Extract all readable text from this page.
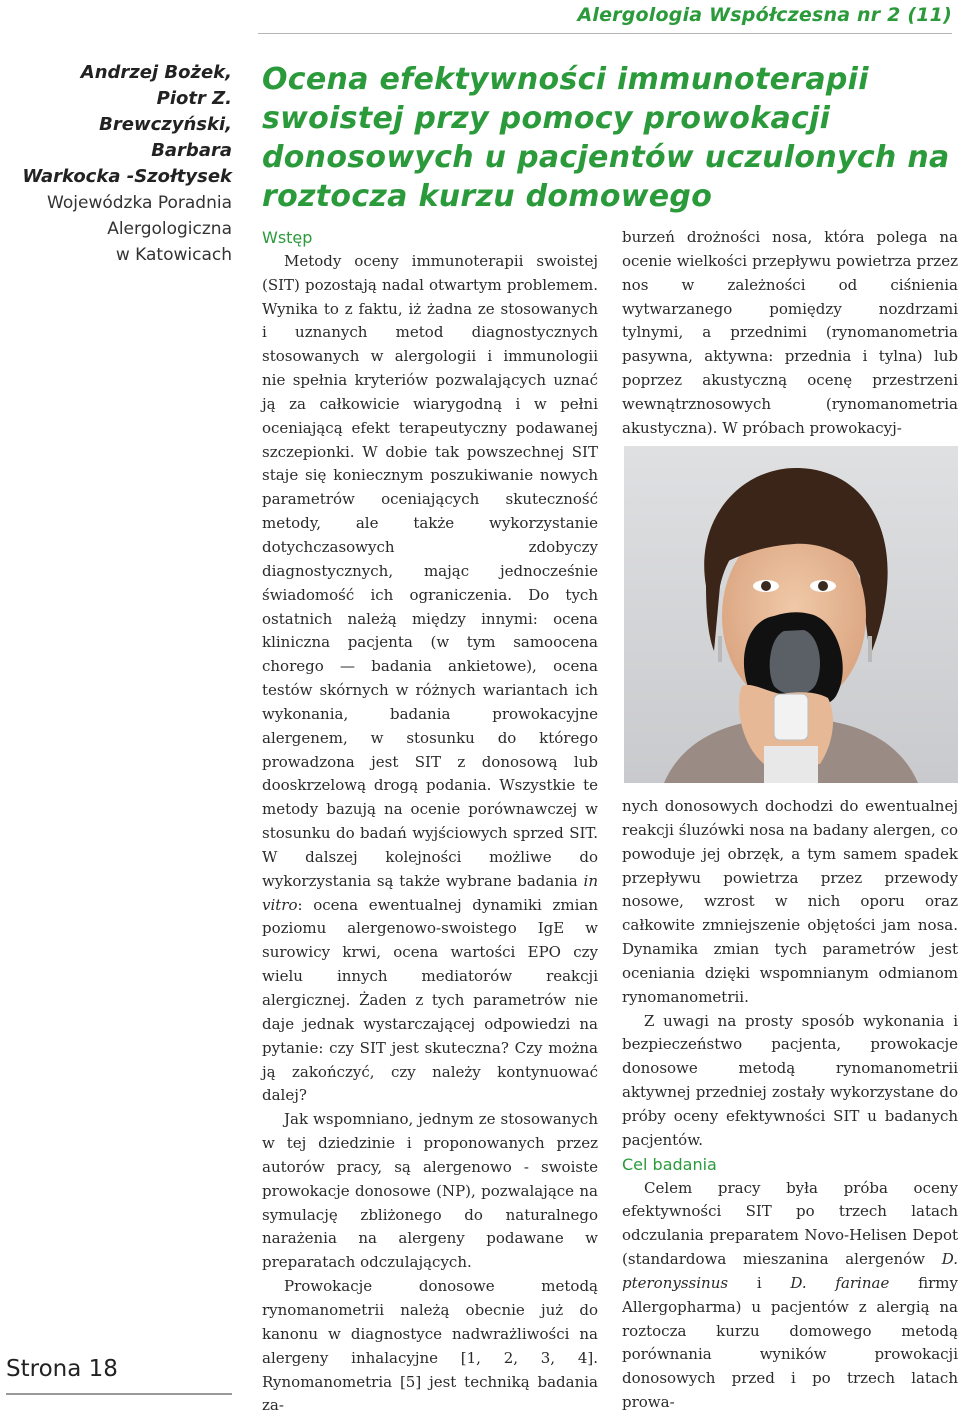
Alergologia Współczesna nr 2 (11)
Andrzej Bożek,
Piotr Z.
Brewczyński,
Barbara
Warkocka -Szołtysek
Wojewódzka Poradnia
Alergologiczna
w Katowicach
Strona 18
Ocena efektywności immunoterapii swoistej przy pomocy prowokacji donosowych u pacjentów uczulonych na roztocza kurzu domowego

Wstęp

Metody oceny immunoterapii swoistej (SIT) pozostają nadal otwartym problemem. Wynika to z faktu, iż żadna ze stosowanych i uznanych metod diagnostycznych stosowanych w alergologii i immunologii nie spełnia kryteriów pozwalających uznać ją za całkowicie wiarygodną i w pełni oceniającą efekt terapeutyczny podawanej szczepionki. W dobie tak powszechnej SIT staje się koniecznym poszukiwanie nowych parametrów oceniających skuteczność metody, ale także wykorzystanie dotychczasowych zdobyczy diagnostycznych, mając jednocześnie świadomość ich ograniczenia. Do tych ostatnich należą między innymi: ocena kliniczna pacjenta (w tym samoocena chorego — badania ankietowe), ocena testów skórnych w różnych wariantach ich wykonania, badania prowokacyjne alergenem, w stosunku do którego prowadzona jest SIT z donosową lub dooskrzelową drogą podania. Wszystkie te metody bazują na ocenie porównawczej w stosunku do badań wyjściowych sprzed SIT. W dalszej kolejności możliwe do wykorzystania są także wybrane badania in vitro: ocena ewentualnej dynamiki zmian poziomu alergenowo-swoistego IgE w surowicy krwi, ocena wartości EPO czy wielu innych mediatorów reakcji alergicznej. Żaden z tych parametrów nie daje jednak wystarczającej odpowiedzi na pytanie: czy SIT jest skuteczna? Czy można ją zakończyć, czy należy kontynuować dalej?

Jak wspomniano, jednym ze stosowanych w tej dziedzinie i proponowanych przez autorów pracy, są alergenowo - swoiste prowokacje donosowe (NP), pozwalające na symulację zbliżonego do naturalnego narażenia na alergeny podawane w preparatach odczulających.

Prowokacje donosowe metodą rynomanometrii należą obecnie już do kanonu w diagnostyce nadwrażliwości na alergeny inhalacyjne [1, 2, 3, 4]. Rynomanometria [5] jest techniką badania za-

burzeń drożności nosa, która polega na ocenie wielkości przepływu powietrza przez nos w zależności od ciśnienia wytwarzanego pomiędzy nozdrzami tylnymi, a przednimi (rynomanometria pasywna, aktywna: przednia i tylna) lub poprzez akustyczną ocenę przestrzeni wewnątrznosowych (rynomanometria akustyczna). W próbach prowokacyj-

nych donosowych dochodzi do ewentualnej reakcji śluzówki nosa na badany alergen, co powoduje jej obrzęk, a tym samem spadek przepływu powietrza przez przewody nosowe, wzrost w nich oporu oraz całkowite zmniejszenie objętości jam nosa. Dynamika zmian tych parametrów jest oceniania dzięki wspomnianym odmianom rynomanometrii.

Z uwagi na prosty sposób wykonania i bezpieczeństwo pacjenta, prowokacje donosowe metodą rynomanometrii aktywnej przedniej zostały wykorzystane do próby oceny efektywności SIT u badanych pacjentów.

Cel badania

Celem pracy była próba oceny efektywności SIT po trzech latach odczulania preparatem Novo-Helisen Depot (standardowa mieszanina alergenów D. pteronyssinus i D. farinae firmy Allergopharma) u pacjentów z alergią na roztocza kurzu domowego metodą porównania wyników prowokacji donosowych przed i po trzech latach prowa-
